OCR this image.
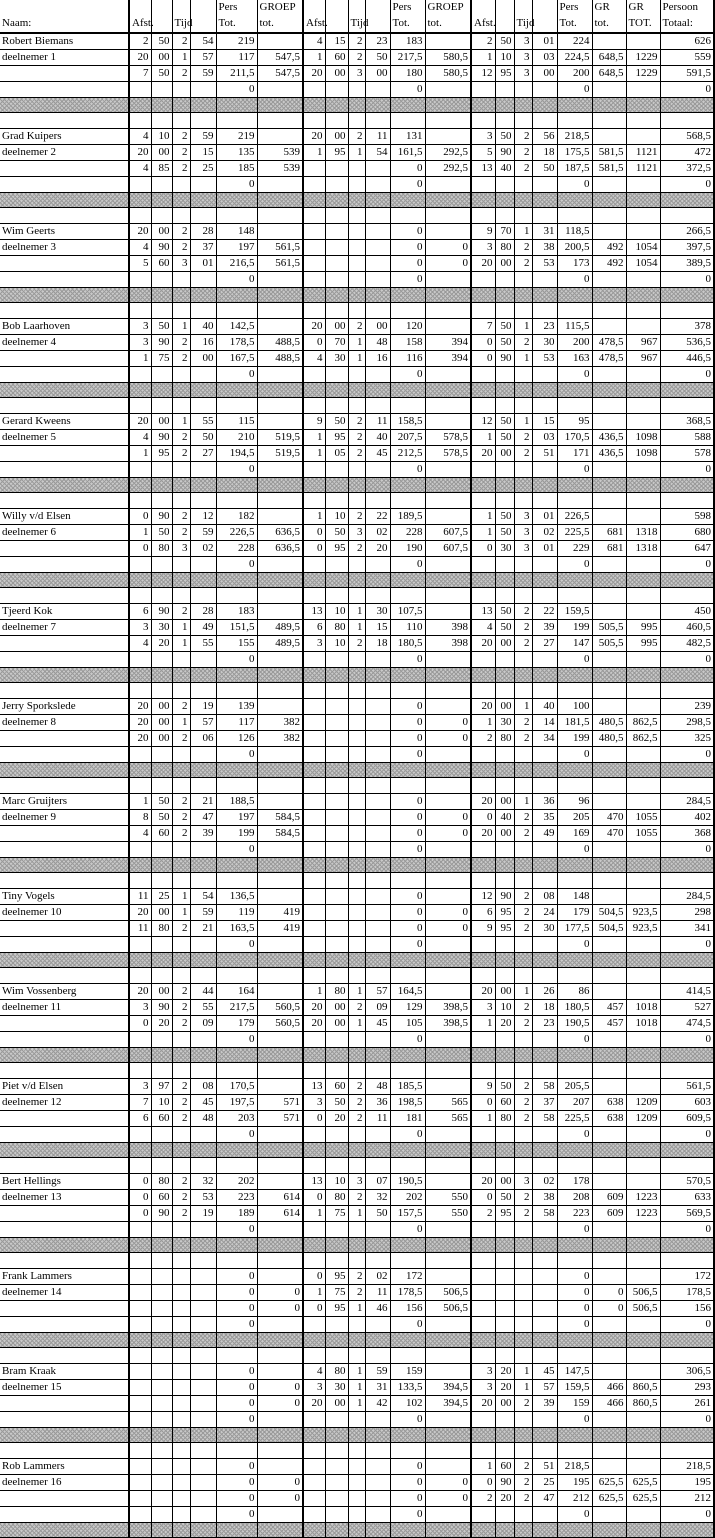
					Pers	GROEP					Pers	GROEP					Pers	GR	GR	Persoon
Naam:	Afst.		Tijd		Tot.	tot.	Afst.		Tijd		Tot.	tot.	Afst.		Tijd		Tot.	tot.	TOT.	Totaal:
Robert Biemans	2	50	2	54	219		4	15	2	23	183		2	50	3	01	224			626
deelnemer 1	20	00	1	57	117	547,5	1	60	2	50	217,5	580,5	1	10	3	03	224,5	648,5	1229	559
	7	50	2	59	211,5	547,5	20	00	3	00	180	580,5	12	95	3	00	200	648,5	1229	591,5
					0						0						0			0

Grad Kuipers	4	10	2	59	219		20	00	2	11	131		3	50	2	56	218,5			568,5
deelnemer 2	20	00	2	15	135	539	1	95	1	54	161,5	292,5	5	90	2	18	175,5	581,5	1121	472
	4	85	2	25	185	539					0	292,5	13	40	2	50	187,5	581,5	1121	372,5
					0						0						0			0

Wim Geerts	20	00	2	28	148						0		9	70	1	31	118,5			266,5
deelnemer 3	4	90	2	37	197	561,5					0	0	3	80	2	38	200,5	492	1054	397,5
	5	60	3	01	216,5	561,5					0	0	20	00	2	53	173	492	1054	389,5
					0						0						0			0

Bob Laarhoven	3	50	1	40	142,5		20	00	2	00	120		7	50	1	23	115,5			378
deelnemer 4	3	90	2	16	178,5	488,5	0	70	1	48	158	394	0	50	2	30	200	478,5	967	536,5
	1	75	2	00	167,5	488,5	4	30	1	16	116	394	0	90	1	53	163	478,5	967	446,5
					0						0						0			0

Gerard Kweens	20	00	1	55	115		9	50	2	11	158,5		12	50	1	15	95			368,5
deelnemer 5	4	90	2	50	210	519,5	1	95	2	40	207,5	578,5	1	50	2	03	170,5	436,5	1098	588
	1	95	2	27	194,5	519,5	1	05	2	45	212,5	578,5	20	00	2	51	171	436,5	1098	578
					0						0						0			0

Willy v/d Elsen	0	90	2	12	182		1	10	2	22	189,5		1	50	3	01	226,5			598
deelnemer 6	1	50	2	59	226,5	636,5	0	50	3	02	228	607,5	1	50	3	02	225,5	681	1318	680
	0	80	3	02	228	636,5	0	95	2	20	190	607,5	0	30	3	01	229	681	1318	647
					0						0						0			0

Tjeerd Kok	6	90	2	28	183		13	10	1	30	107,5		13	50	2	22	159,5			450
deelnemer 7	3	30	1	49	151,5	489,5	6	80	1	15	110	398	4	50	2	39	199	505,5	995	460,5
	4	20	1	55	155	489,5	3	10	2	18	180,5	398	20	00	2	27	147	505,5	995	482,5
					0						0						0			0

Jerry Sporkslede	20	00	2	19	139						0		20	00	1	40	100			239
deelnemer 8	20	00	1	57	117	382					0	0	1	30	2	14	181,5	480,5	862,5	298,5
	20	00	2	06	126	382					0	0	2	80	2	34	199	480,5	862,5	325
					0						0						0			0

Marc Gruijters	1	50	2	21	188,5						0		20	00	1	36	96			284,5
deelnemer 9	8	50	2	47	197	584,5					0	0	0	40	2	35	205	470	1055	402
	4	60	2	39	199	584,5					0	0	20	00	2	49	169	470	1055	368
					0						0						0			0

Tiny Vogels	11	25	1	54	136,5						0		12	90	2	08	148			284,5
deelnemer 10	20	00	1	59	119	419					0	0	6	95	2	24	179	504,5	923,5	298
	11	80	2	21	163,5	419					0	0	9	95	2	30	177,5	504,5	923,5	341
					0						0						0			0

Wim Vossenberg	20	00	2	44	164		1	80	1	57	164,5		20	00	1	26	86			414,5
deelnemer 11	3	90	2	55	217,5	560,5	20	00	2	09	129	398,5	3	10	2	18	180,5	457	1018	527
	0	20	2	09	179	560,5	20	00	1	45	105	398,5	1	20	2	23	190,5	457	1018	474,5
					0						0						0			0

Piet v/d Elsen	3	97	2	08	170,5		13	60	2	48	185,5		9	50	2	58	205,5			561,5
deelnemer 12	7	10	2	45	197,5	571	3	50	2	36	198,5	565	0	60	2	37	207	638	1209	603
	6	60	2	48	203	571	0	20	2	11	181	565	1	80	2	58	225,5	638	1209	609,5
					0						0						0			0

Bert Hellings	0	80	2	32	202		13	10	3	07	190,5		20	00	3	02	178			570,5
deelnemer 13	0	60	2	53	223	614	0	80	2	32	202	550	0	50	2	38	208	609	1223	633
	0	90	2	19	189	614	1	75	1	50	157,5	550	2	95	2	58	223	609	1223	569,5
					0						0						0			0

Frank Lammers					0		0	95	2	02	172						0			172
deelnemer 14					0	0	1	75	2	11	178,5	506,5					0	0	506,5	178,5
					0	0	0	95	1	46	156	506,5					0	0	506,5	156
					0						0						0			0

Bram Kraak					0		4	80	1	59	159		3	20	1	45	147,5			306,5
deelnemer 15					0	0	3	30	1	31	133,5	394,5	3	20	1	57	159,5	466	860,5	293
					0	0	20	00	1	42	102	394,5	20	00	2	39	159	466	860,5	261
					0						0						0			0

Rob Lammers					0						0		1	60	2	51	218,5			218,5
deelnemer 16					0	0					0	0	0	90	2	25	195	625,5	625,5	195
					0	0					0	0	2	20	2	47	212	625,5	625,5	212
					0						0						0			0
